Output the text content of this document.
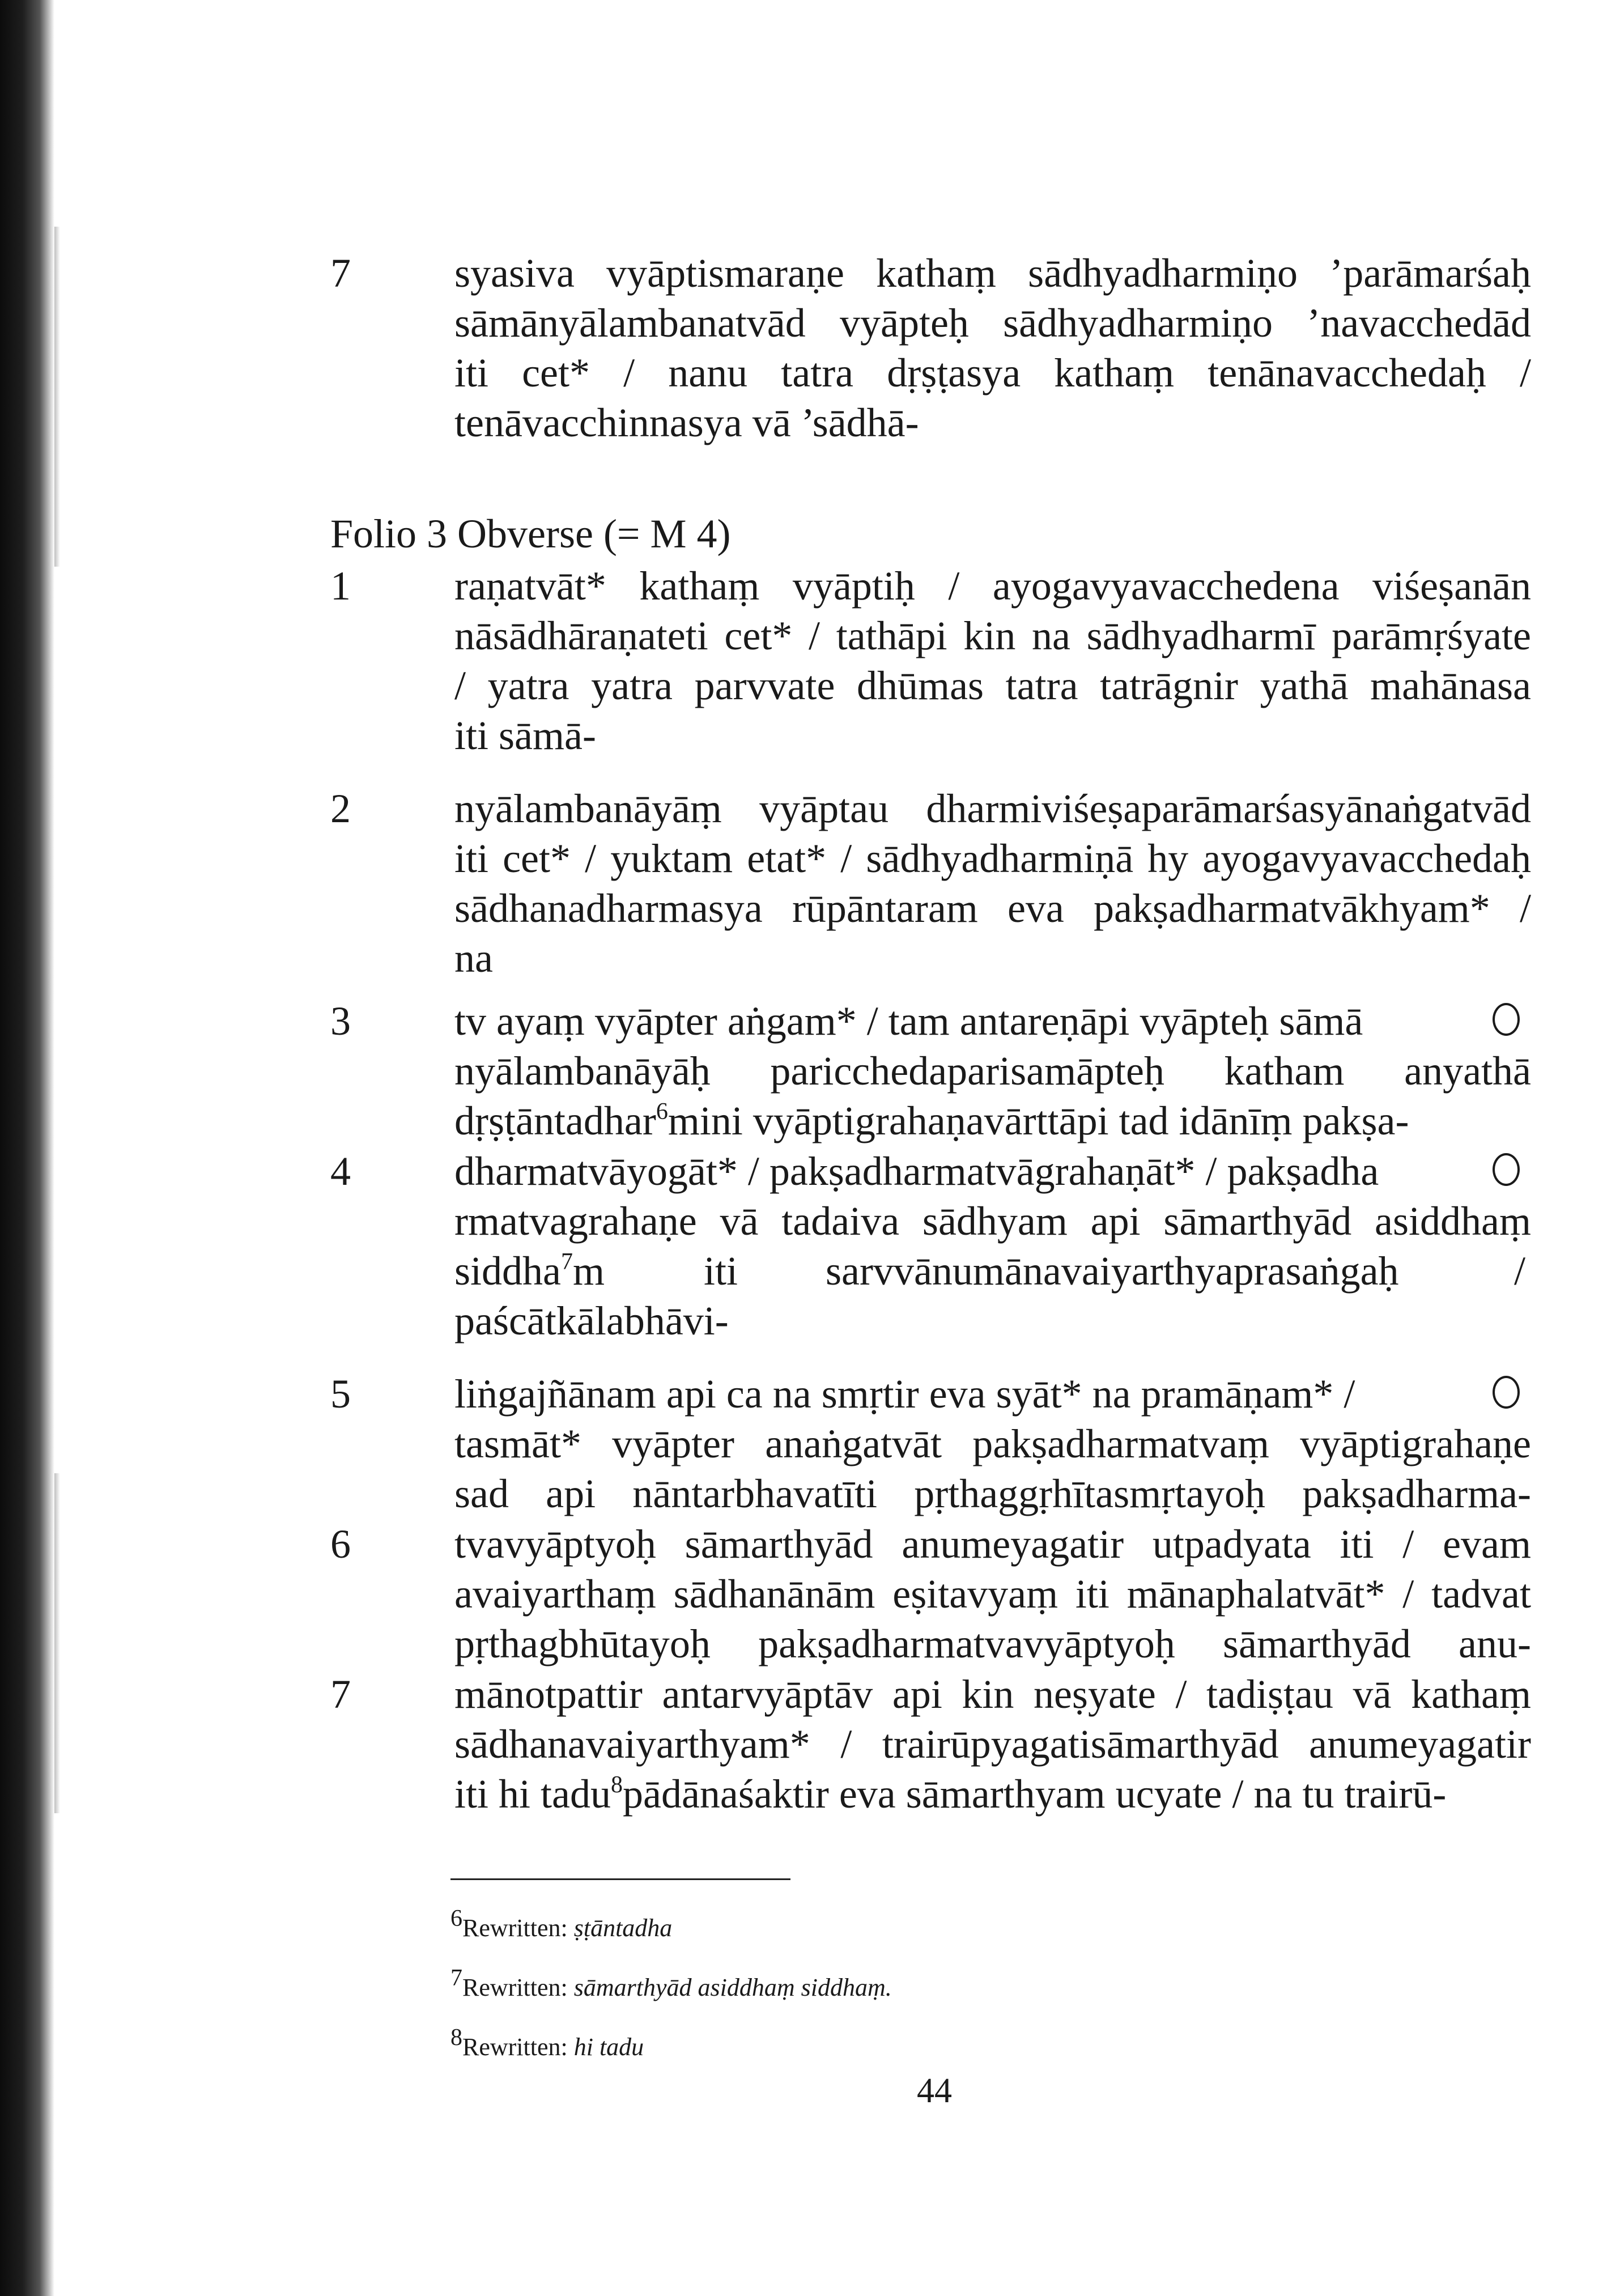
7	syasiva vyāptismaraṇe kathaṃ sādhyadharmiṇo ’parāmarśaḥ
sāmānyālambanatvād vyāpteḥ sādhyadharmiṇo ’navacchedād
iti cet* / nanu tatra dṛṣṭasya kathaṃ tenānavacchedaḥ /
tenāvacchinnasya vā ’sādhā-
Folio 3 Obverse (= M 4)
1	raṇatvāt* kathaṃ vyāptiḥ / ayogavyavacchedena viśeṣanān
nāsādhāraṇateti cet* / tathāpi kin na sādhyadharmī parāmṛśyate
/ yatra yatra parvvate dhūmas tatra tatrāgnir yathā mahānasa
iti sāmā-
2	nyālambanāyāṃ vyāptau dharmiviśeṣaparāmarśasyānaṅgatvād
iti cet* / yuktam etat* / sādhyadharmiṇā hy ayogavyavacchedaḥ
sādhanadharmasya rūpāntaram eva pakṣadharmatvākhyam* /
na
3	tv ayaṃ vyāpter aṅgam* / tam antareṇāpi vyāpteḥ sāmā
nyālambanāyāḥ paricchedaparisamāpteḥ katham anyathā
dṛṣṭāntadhar$^6$mini vyāptigrahaṇavārttāpi tad idānīṃ pakṣa-
4	dharmatvāyogāt* / pakṣadharmatvāgrahaṇāt* / pakṣadha
rmatvagrahaṇe vā tadaiva sādhyam api sāmarthyād asiddhaṃ
siddha$^7$m iti sarvvānumānavaiyarthyaprasaṅgaḥ	/
paścātkālabhāvi-
5	liṅgajñānam api ca na smṛtir eva syāt* na pramāṇam* /
tasmāt* vyāpter anaṅgatvāt pakṣadharmatvaṃ vyāptigrahaṇe
sad api nāntarbhavatīti pṛthaggṛhītasmṛtayoḥ pakṣadharma-
6	tvavyāptyoḥ sāmarthyād anumeyagatir utpadyata iti / evam
avaiyarthaṃ sādhanānām eṣitavyaṃ iti mānaphalatvāt* / tadvat
pṛthagbhūtayoḥ pakṣadharmatvavyāptyoḥ sāmarthyād anu-
7	mānotpattir antarvyāptāv api kin neṣyate / tadiṣṭau vā kathaṃ
sādhanavaiyarthyam* / trairūpyagatisāmarthyād anumeyagatir
iti hi tadu$^8$pādānaśaktir eva sāmarthyam ucyate / na tu trairū-
$^6$Rewritten: ṣṭāntadha
$^7$Rewritten: sāmarthyād asiddhaṃ siddhaṃ.
$^8$Rewritten: hi tadu
44
